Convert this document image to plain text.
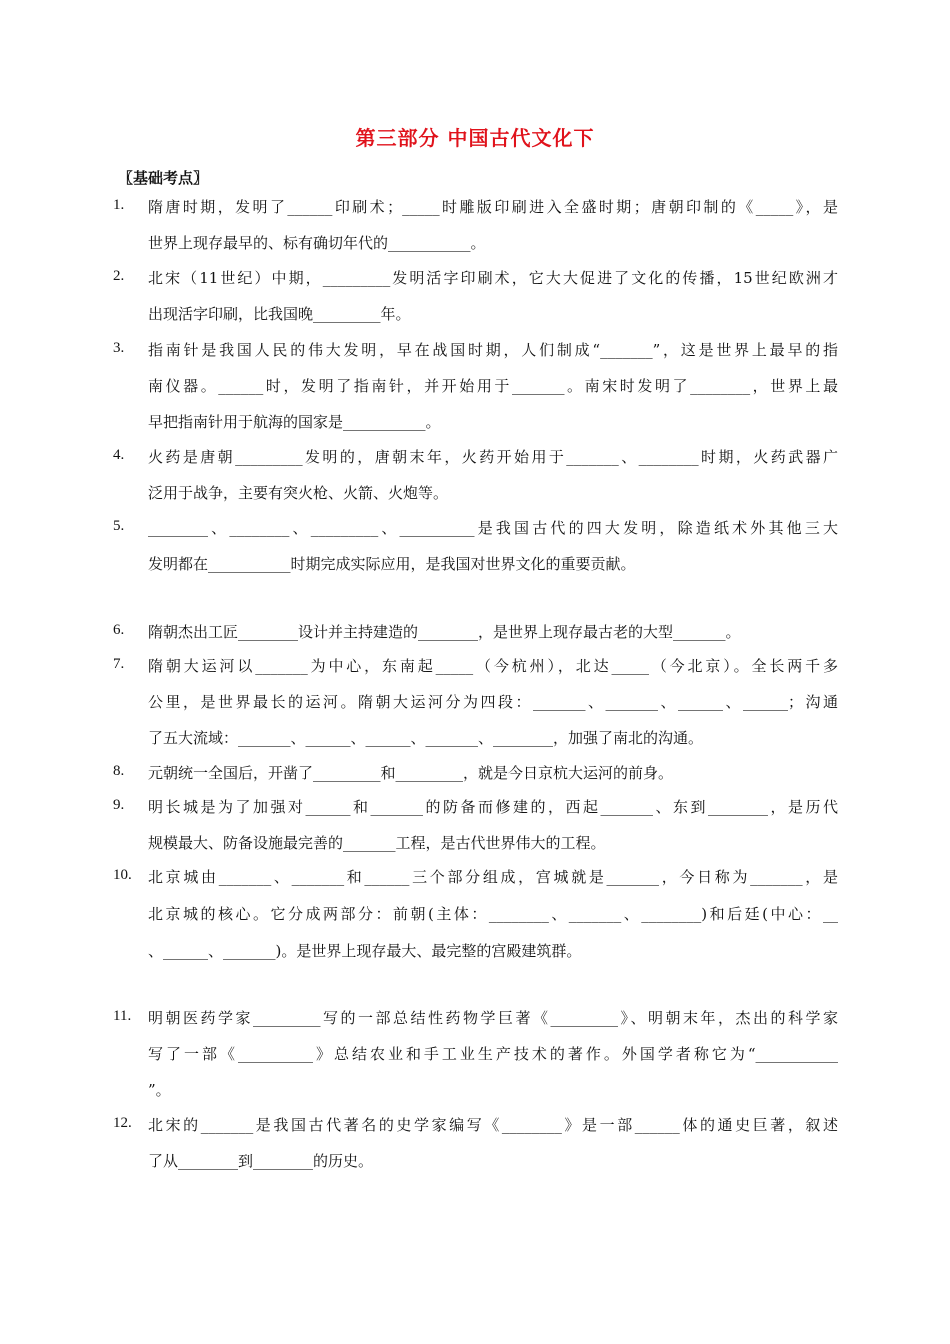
第三部分 中国古代文化下
〖基础考点〗
1. 隋唐时期，发明了______印刷术；_____时雕版印刷进入全盛时期；唐朝印制的《_____》，是
世界上现存最早的、标有确切年代的___________。
2. 北宋（11世纪）中期，_________发明活字印刷术，它大大促进了文化的传播，15世纪欧洲才
出现活字印刷，比我国晚_________年。
3. 指南针是我国人民的伟大发明，早在战国时期，人们制成“_______”，这是世界上最早的指
南仪器。______时，发明了指南针，并开始用于_______。南宋时发明了________，世界上最
早把指南针用于航海的国家是___________。
4. 火药是唐朝_________发明的，唐朝末年，火药开始用于_______、________时期，火药武器广
泛用于战争，主要有突火枪、火箭、火炮等。
5. ________、________、_________、__________是我国古代的四大发明，除造纸术外其他三大
发明都在___________时期完成实际应用，是我国对世界文化的重要贡献。
6. 隋朝杰出工匠________设计并主持建造的________，是世界上现存最古老的大型_______。
7. 隋朝大运河以_______为中心，东南起_____（今杭州），北达_____（今北京）。全长两千多
公里，是世界最长的运河。隋朝大运河分为四段：_______、_______、______、______；沟通
了五大流域：_______、______、______、_______、________，加强了南北的沟通。
8. 元朝统一全国后，开凿了_________和_________，就是今日京杭大运河的前身。
9. 明长城是为了加强对______和_______的防备而修建的，西起_______、东到________，是历代
规模最大、防备设施最完善的_______工程，是古代世界伟大的工程。
10. 北京城由_______、_______和______三个部分组成，宫城就是_______，今日称为_______，是
北京城的核心。它分成两部分：前朝(主体：________、_______、________)和后廷(中心：__
、______、_______)。是世界上现存最大、最完整的宫殿建筑群。
11. 明朝医药学家_________写的一部总结性药物学巨著《_________》、明朝末年，杰出的科学家
写了一部《__________》总结农业和手工业生产技术的著作。外国学者称它为“___________
”。
12. 北宋的_______是我国古代著名的史学家编写《________》是一部______体的通史巨著，叙述
了从________到________的历史。
